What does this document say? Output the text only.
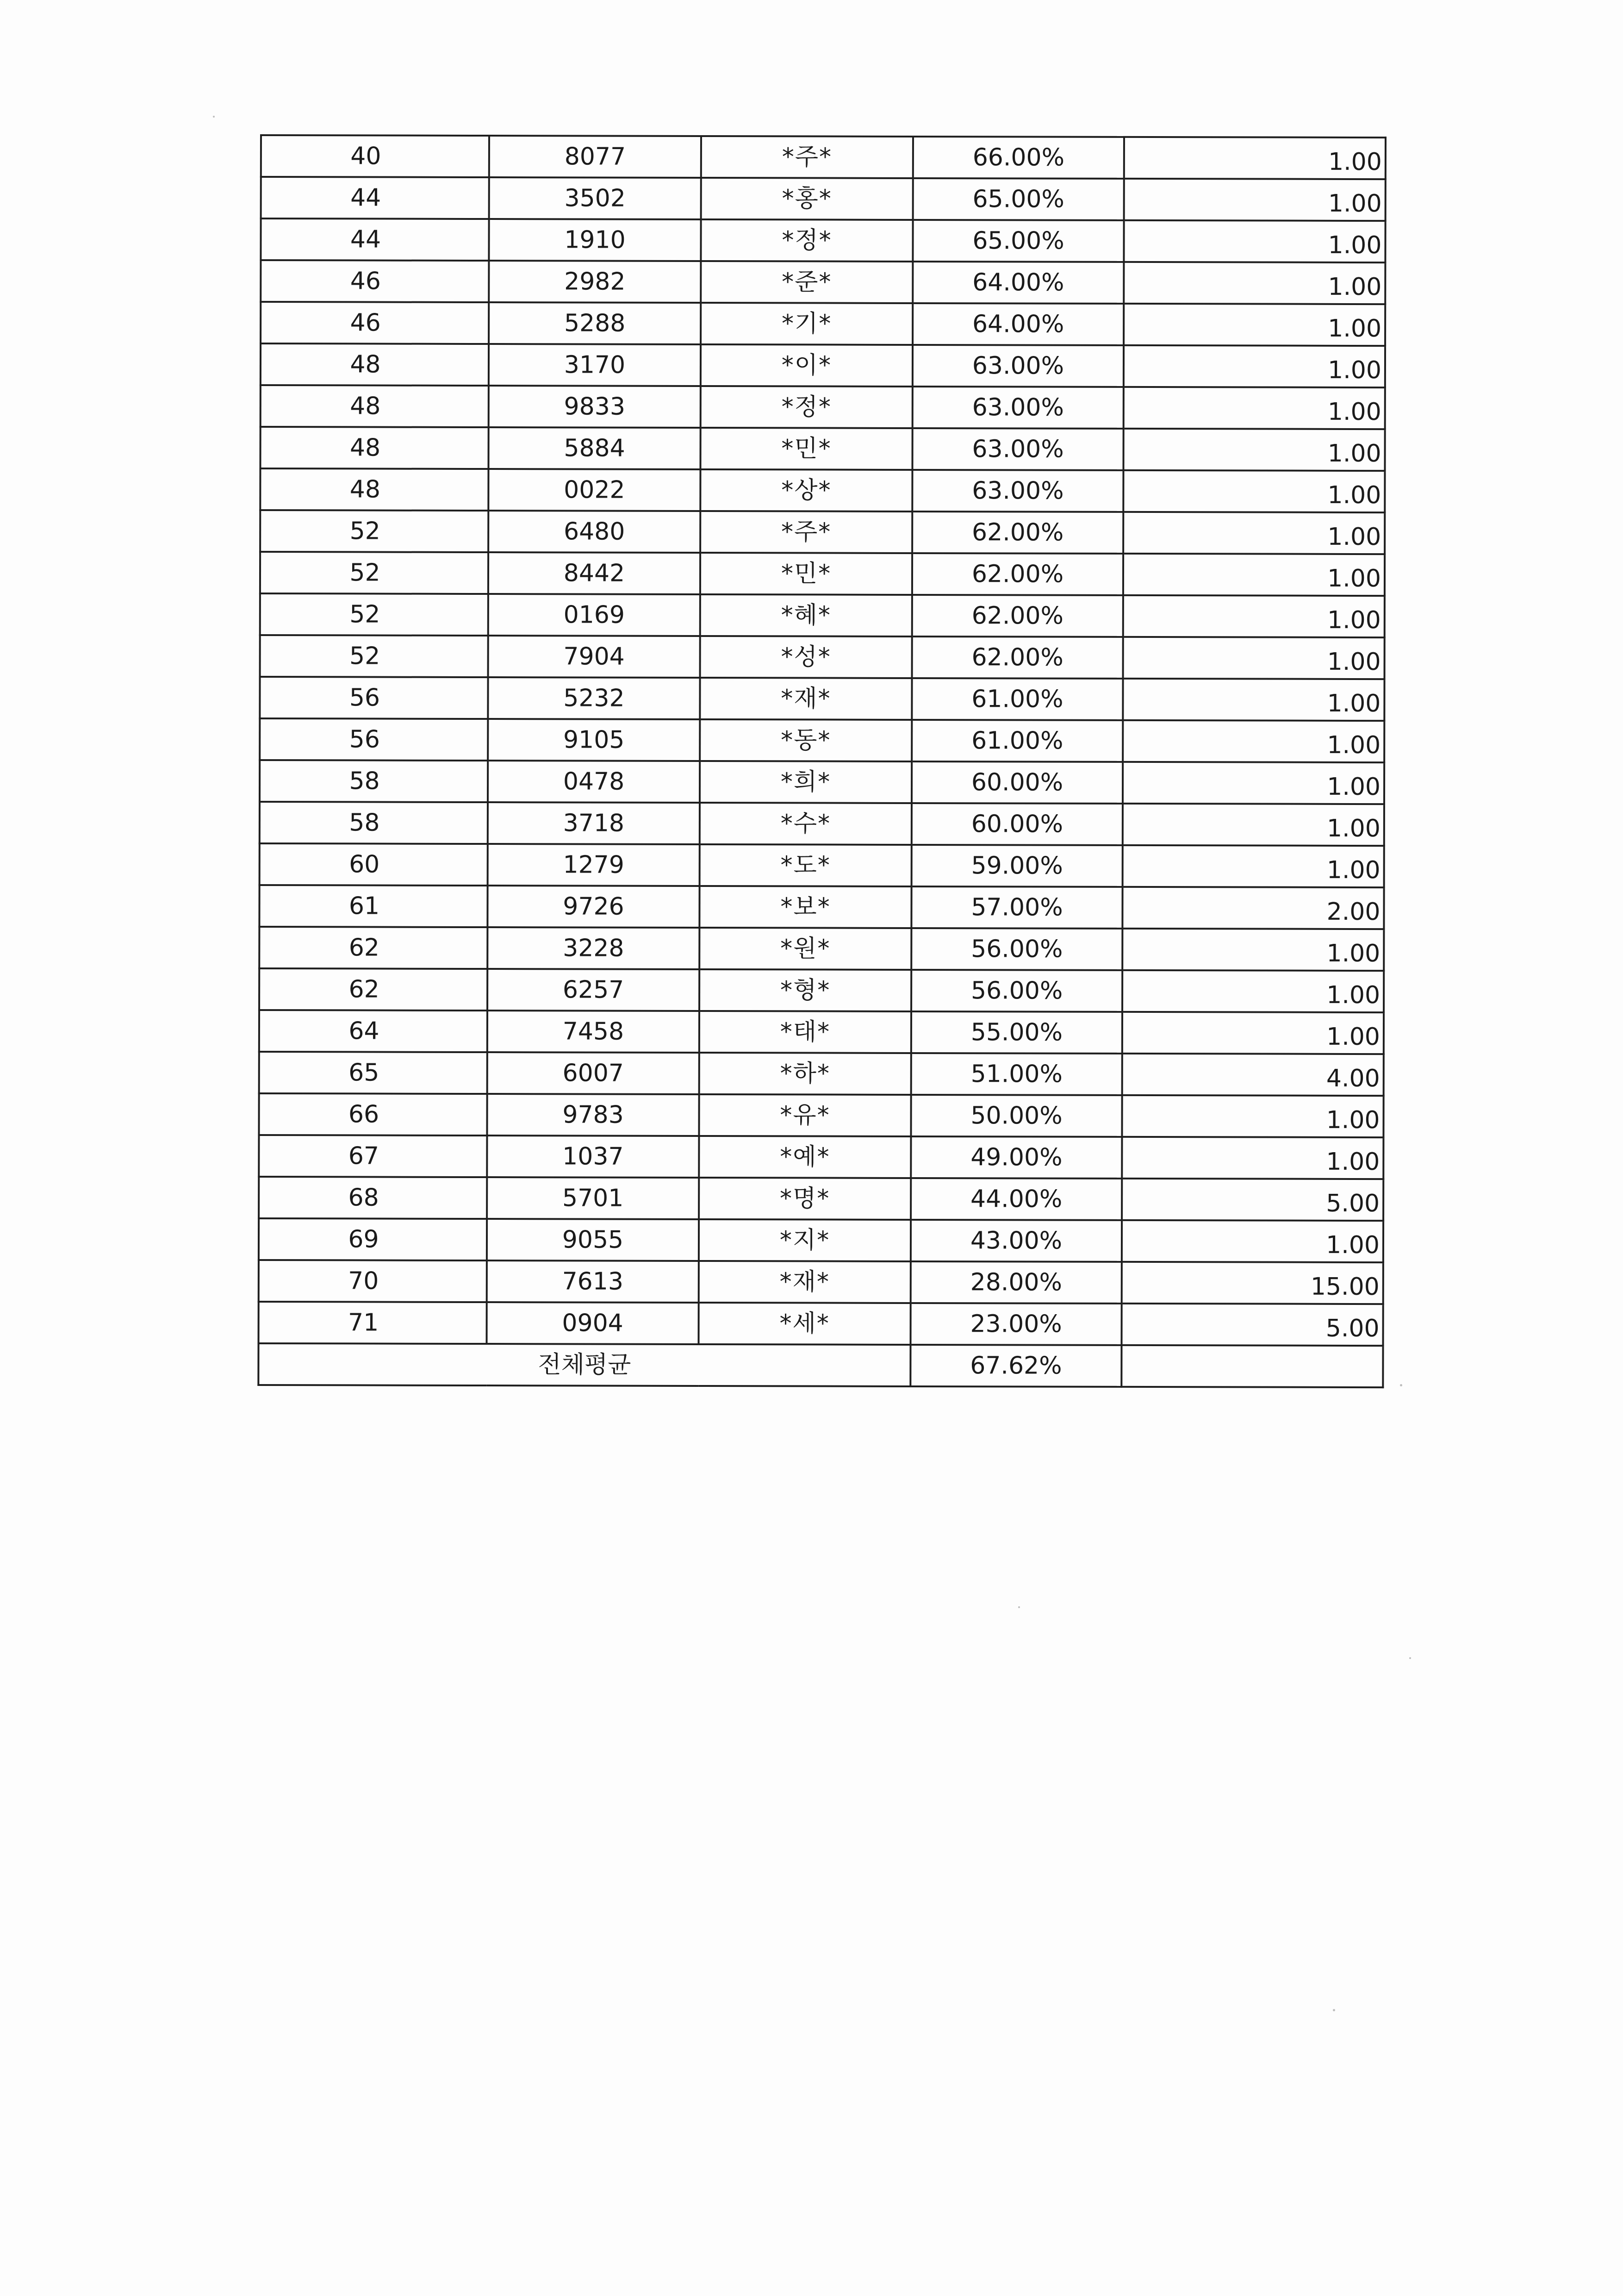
40	8077	*주*	66.00%	1.00
44	3502	*홍*	65.00%	1.00
44	1910	*정*	65.00%	1.00
46	2982	*준*	64.00%	1.00
46	5288	*기*	64.00%	1.00
48	3170	*이*	63.00%	1.00
48	9833	*정*	63.00%	1.00
48	5884	*민*	63.00%	1.00
48	0022	*상*	63.00%	1.00
52	6480	*주*	62.00%	1.00
52	8442	*민*	62.00%	1.00
52	0169	*혜*	62.00%	1.00
52	7904	*성*	62.00%	1.00
56	5232	*재*	61.00%	1.00
56	9105	*동*	61.00%	1.00
58	0478	*희*	60.00%	1.00
58	3718	*수*	60.00%	1.00
60	1279	*도*	59.00%	1.00
61	9726	*보*	57.00%	2.00
62	3228	*원*	56.00%	1.00
62	6257	*형*	56.00%	1.00
64	7458	*태*	55.00%	1.00
65	6007	*하*	51.00%	4.00
66	9783	*유*	50.00%	1.00
67	1037	*예*	49.00%	1.00
68	5701	*명*	44.00%	5.00
69	9055	*지*	43.00%	1.00
70	7613	*재*	28.00%	15.00
71	0904	*세*	23.00%	5.00
전체평균			67.62%	
